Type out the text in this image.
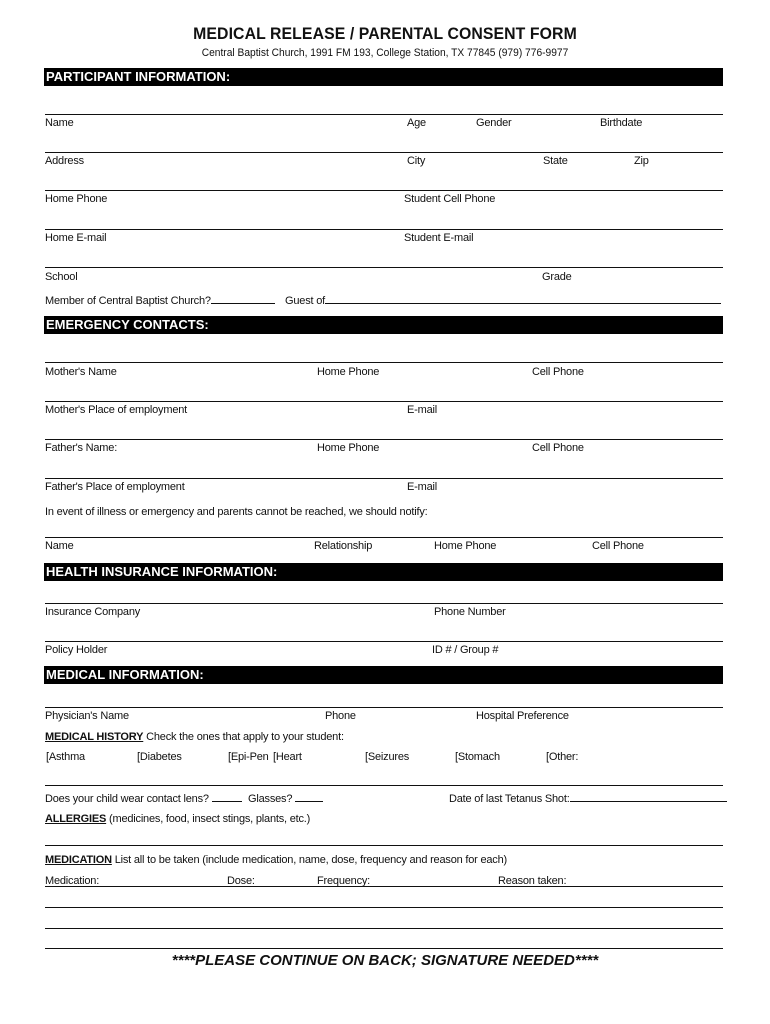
MEDICAL RELEASE / PARENTAL CONSENT FORM
Central Baptist Church, 1991 FM 193, College Station, TX 77845 (979) 776-9977
PARTICIPANT INFORMATION:
Name	Age	Gender	Birthdate
Address	City	State	Zip
Home Phone	Student Cell Phone
Home E-mail	Student E-mail
School	Grade
Member of Central Baptist Church?	Guest of
EMERGENCY CONTACTS:
Mother's Name	Home Phone	Cell Phone
Mother's Place of employment	E-mail
Father's Name:	Home Phone	Cell Phone
Father's Place of employment	E-mail
In event of illness or emergency and parents cannot be reached, we should notify:
Name	Relationship	Home Phone	Cell Phone
HEALTH INSURANCE INFORMATION:
Insurance Company	Phone Number
Policy Holder	ID # / Group #
MEDICAL INFORMATION:
Physician's Name	Phone	Hospital Preference
MEDICAL HISTORY Check the ones that apply to your student:
[Asthma	[Diabetes	[Epi-Pen [Heart	[Seizures	[Stomach	[Other:
Does your child wear contact lens?	Glasses?	Date of last Tetanus Shot:
ALLERGIES (medicines, food, insect stings, plants, etc.)
MEDICATION List all to be taken (include medication, name, dose, frequency and reason for each)
Medication:	Dose:	Frequency:	Reason taken:
****PLEASE CONTINUE ON BACK; SIGNATURE NEEDED****
